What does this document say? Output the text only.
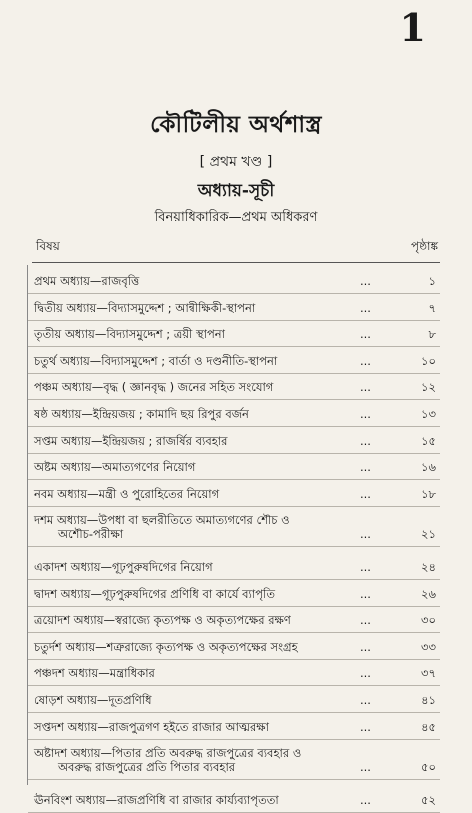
1
কৌটিলীয় অর্থশাস্ত্র
[ প্রথম খণ্ড ]
অধ্যায়-সূচী
বিনয়াধিকারিক—প্রথম অধিকরণ
বিষয়	পৃষ্ঠাঙ্ক
প্রথম অধ্যায়—রাজবৃত্তি	...	১
দ্বিতীয় অধ্যায়—বিদ্যাসমুদ্দেশ ; আন্বীক্ষিকী-স্থাপনা	...	৭
তৃতীয় অধ্যায়—বিদ্যাসমুদ্দেশ ; ত্রয়ী স্থাপনা	...	৮
চতুর্থ অধ্যায়—বিদ্যাসমুদ্দেশ ; বার্তা ও দণ্ডনীতি-স্থাপনা	...	১০
পঞ্চম অধ্যায়—বৃদ্ধ ( জ্ঞানবৃদ্ধ ) জনের সহিত সংযোগ	...	১২
ষষ্ঠ অধ্যায়—ইন্দ্রিয়জয় ; কামাদি ছয় রিপুর বর্জন	...	১৩
সপ্তম অধ্যায়—ইন্দ্রিয়জয় ; রাজর্ষির ব্যবহার	...	১৫
অষ্টম অধ্যায়—অমাত্যগণের নিয়োগ	...	১৬
নবম অধ্যায়—মন্ত্রী ও পুরোহিতের নিয়োগ	...	১৮
দশম অধ্যায়—উপধা বা ছলরীতিতে অমাত্যগণের শৌচ ও
অশৌচ-পরীক্ষা	...	২১
একাদশ অধ্যায়—গূঢ়পুরুষদিগের নিয়োগ	...	২৪
দ্বাদশ অধ্যায়—গূঢ়পুরুষদিগের প্রণিধি বা কার্যে ব্যাপৃতি	...	২৬
ত্রয়োদশ অধ্যায়—স্বরাজ্যে কৃত্যপক্ষ ও অকৃত্যপক্ষের রক্ষণ	...	৩০
চতুর্দশ অধ্যায়—শত্রুরাজ্যে কৃত্যপক্ষ ও অকৃত্যপক্ষের সংগ্রহ	...	৩৩
পঞ্চদশ অধ্যায়—মন্ত্রাধিকার	...	৩৭
ষোড়শ অধ্যায়—দূতপ্রণিধি	...	৪১
সপ্তদশ অধ্যায়—রাজপুত্রগণ হইতে রাজার আত্মরক্ষা	...	৪৫
অষ্টাদশ অধ্যায়—পিতার প্রতি অবরুদ্ধ রাজপুত্রের ব্যবহার ও
অবরুদ্ধ রাজপুত্রের প্রতি পিতার ব্যবহার	...	৫০
ঊনবিংশ অধ্যায়—রাজপ্রণিধি বা রাজার কার্য্যব্যাপৃততা	...	৫২
